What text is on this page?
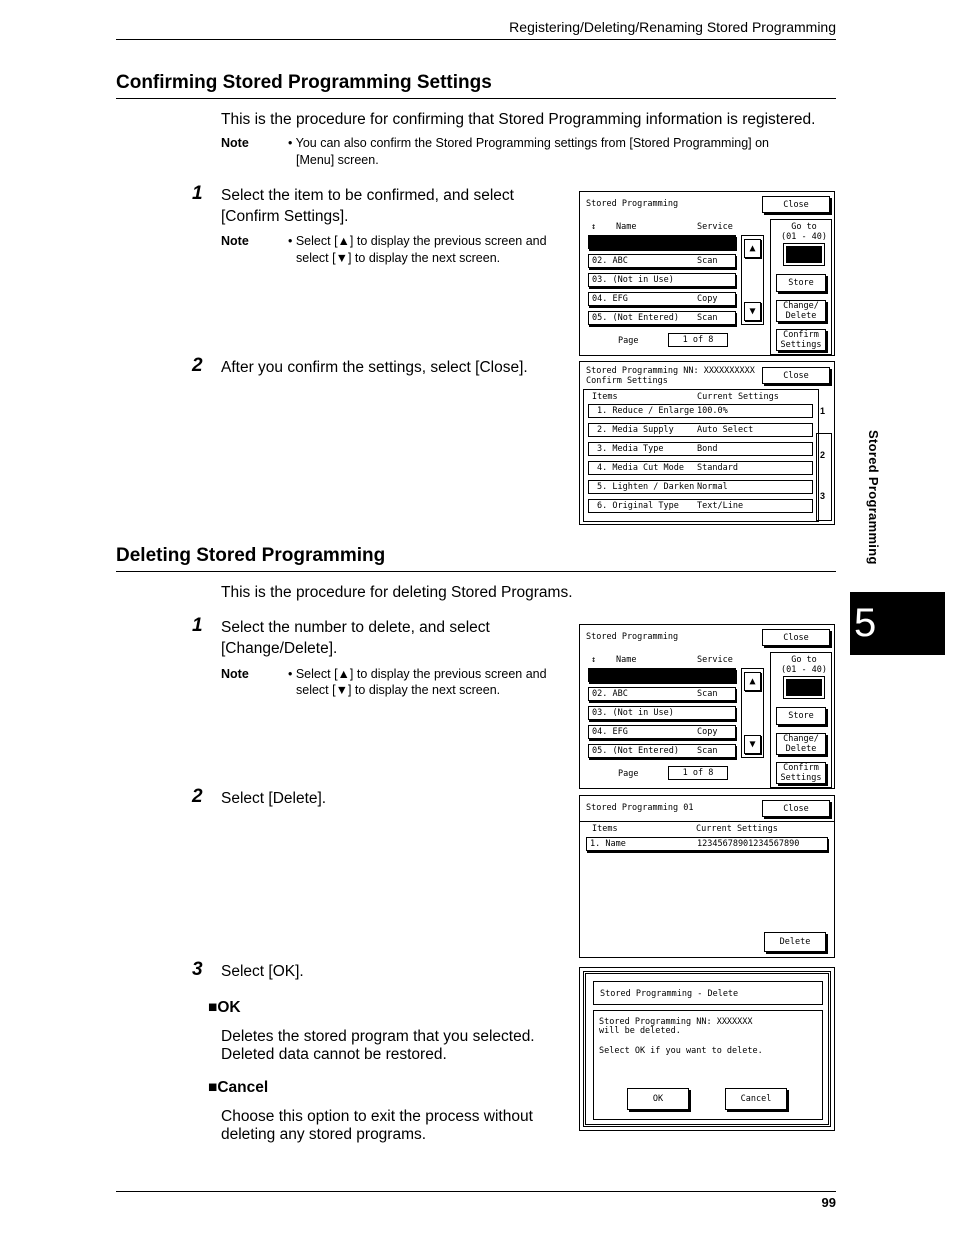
Registering/Deleting/Renaming Stored Programming
Stored Programming
5
Confirming Stored Programming Settings
This is the procedure for confirming that Stored Programming information is registered.
Note	• You can also confirm the Stored Programming settings from [Stored Programming] on
[Menu] screen.
1 Select the item to be confirmed, and select
[Confirm Settings].
Note	• Select [▲] to display the previous screen and
select [▼] to display the next screen.
2 After you confirm the settings, select [Close].
Stored Programming	Close
↕ Name	Service
02. ABC	Scan
03. (Not in Use)
04. EFG	Copy
05. (Not Entered) Scan
▲
▼
Page	1 of 8
Go to
(01 - 40)
Store
Change/
Delete
Confirm
Settings
Stored Programming NN: XXXXXXXXXX
Confirm Settings
Close
Items	Current Settings
1. Reduce / Enlarge 100.0%
2. Media Supply	Auto Select
3. Media Type	Bond
4. Media Cut Mode Standard
5. Lighten / Darken Normal
6. Original Type Text/Line
1
2
3
Deleting Stored Programming
This is the procedure for deleting Stored Programs.
1 Select the number to delete, and select
[Change/Delete].
Note	• Select [▲] to display the previous screen and
select [▼] to display the next screen.
2 Select [Delete].
3 Select [OK].
■OK
Deletes the stored program that you selected.
Deleted data cannot be restored.
■Cancel
Choose this option to exit the process without
deleting any stored programs.
Stored Programming	Close
↕ Name	Service
02. ABC	Scan
03. (Not in Use)
04. EFG	Copy
05. (Not Entered) Scan
▲
▼
Page	1 of 8
Go to
(01 - 40)
Store
Change/
Delete
Confirm
Settings
Stored Programming 01	Close
Items	Current Settings
1. Name	12345678901234567890
Delete
Stored Programming - Delete
Stored Programming NN: XXXXXXX
will be deleted.
Select OK if you want to delete.
OK	Cancel
99
